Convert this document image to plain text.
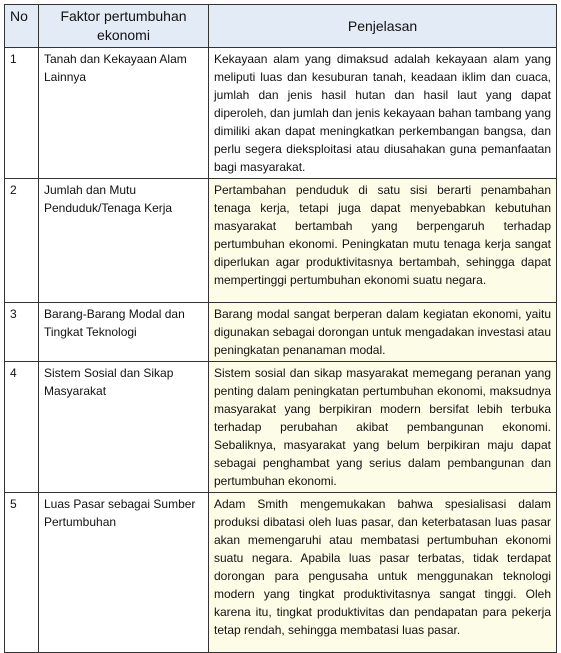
No	Faktor pertumbuhan ekonomi	Penjelasan
1	Tanah dan Kekayaan Alam Lainnya	Kekayaan alam yang dimaksud adalah kekayaan alam yang meliputi luas dan kesuburan tanah, keadaan iklim dan cuaca, jumlah dan jenis hasil hutan dan hasil laut yang dapat diperoleh, dan jumlah dan jenis kekayaan bahan tambang yang dimiliki akan dapat meningkatkan perkembangan bangsa, dan perlu segera dieksploitasi atau diusahakan guna pemanfaatan bagi masyarakat.
2	Jumlah dan Mutu Penduduk/Tenaga Kerja	Pertambahan penduduk di satu sisi berarti penambahan tenaga kerja, tetapi juga dapat menyebabkan kebutuhan masyarakat bertambah yang berpengaruh terhadap pertumbuhan ekonomi. Peningkatan mutu tenaga kerja sangat diperlukan agar produktivitasnya bertambah, sehingga dapat mempertinggi pertumbuhan ekonomi suatu negara.
3	Barang-Barang Modal dan Tingkat Teknologi	Barang modal sangat berperan dalam kegiatan ekonomi, yaitu digunakan sebagai dorongan untuk mengadakan investasi atau peningkatan penanaman modal.
4	Sistem Sosial dan Sikap Masyarakat	Sistem sosial dan sikap masyarakat memegang peranan yang penting dalam peningkatan pertumbuhan ekonomi, maksudnya masyarakat yang berpikiran modern bersifat lebih terbuka terhadap perubahan akibat pembangunan ekonomi. Sebaliknya, masyarakat yang belum berpikiran maju dapat sebagai penghambat yang serius dalam pembangunan dan pertumbuhan ekonomi.
5	Luas Pasar sebagai Sumber Pertumbuhan	Adam Smith mengemukakan bahwa spesialisasi dalam produksi dibatasi oleh luas pasar, dan keterbatasan luas pasar akan memengaruhi atau membatasi pertumbuhan ekonomi suatu negara. Apabila luas pasar terbatas, tidak terdapat dorongan para pengusaha untuk menggunakan teknologi modern yang tingkat produktivitasnya sangat tinggi. Oleh karena itu, tingkat produktivitas dan pendapatan para pekerja tetap rendah, sehingga membatasi luas pasar.
